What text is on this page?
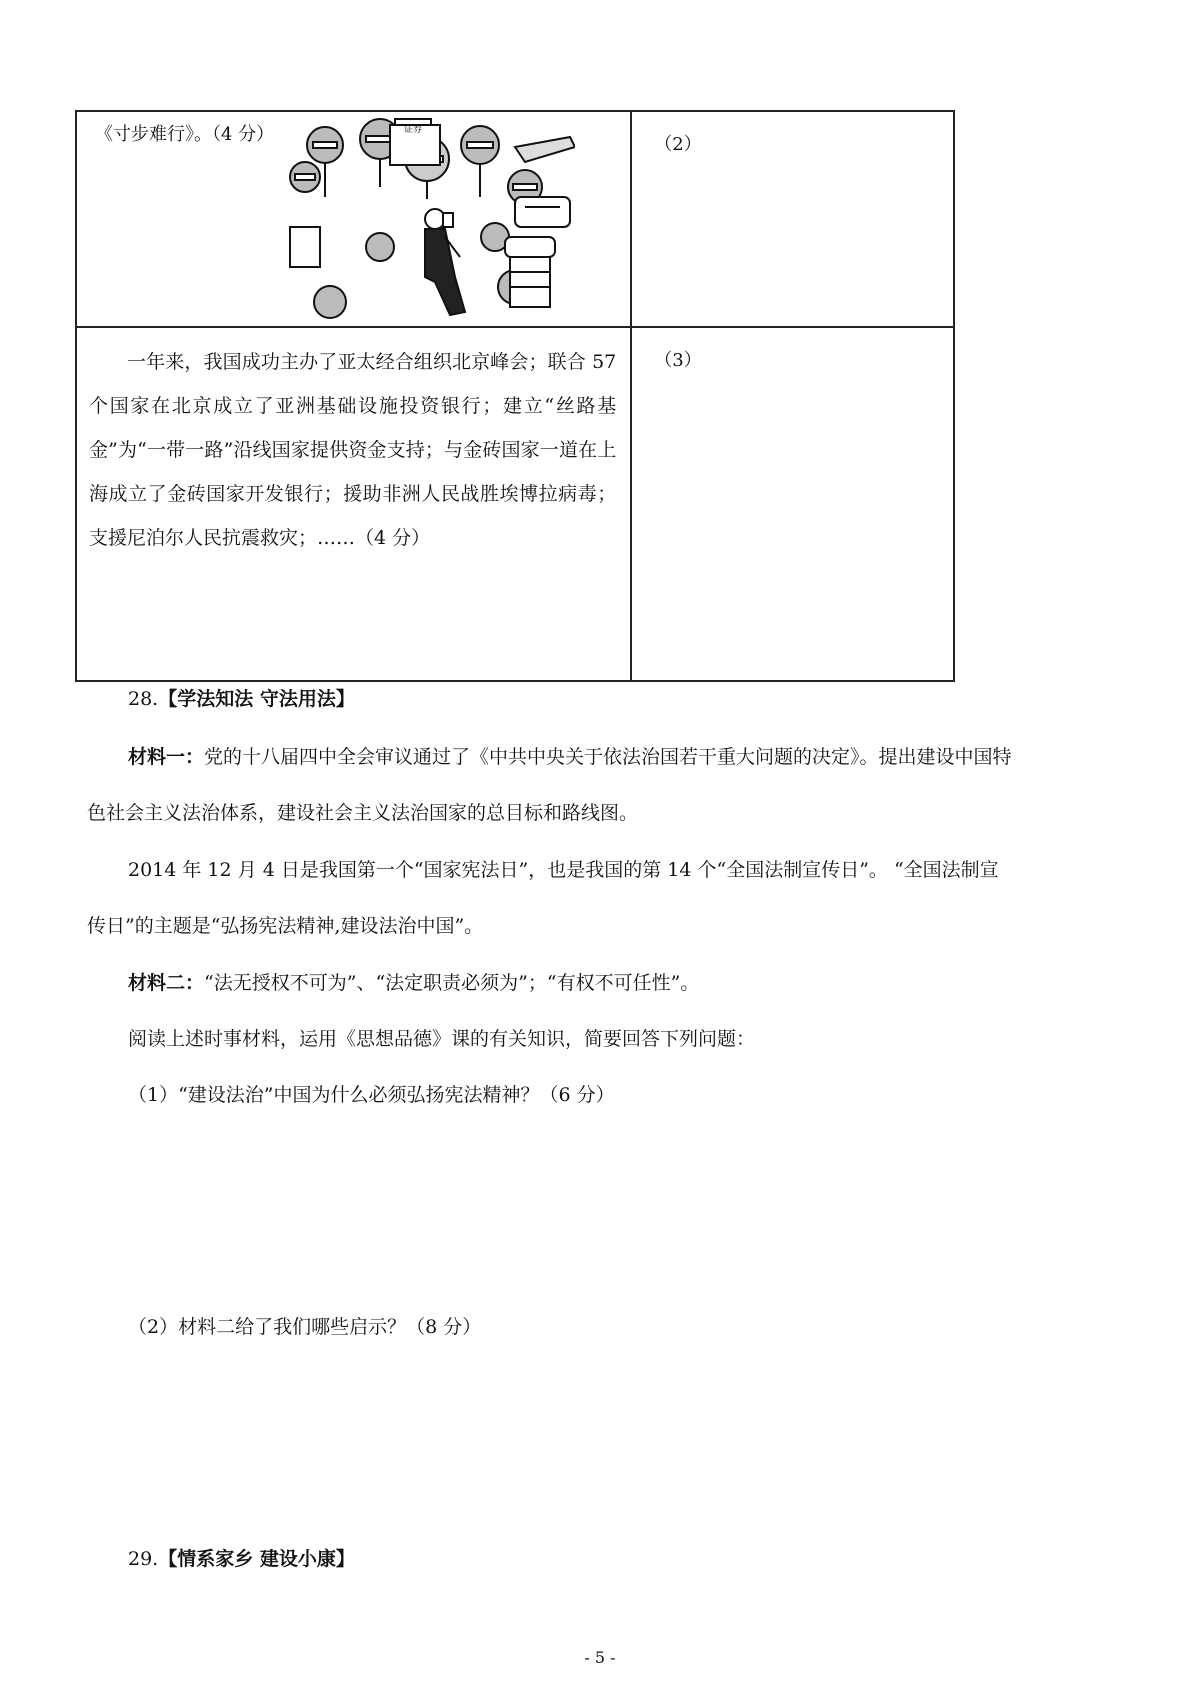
《寸步难行》。（4 分） 证券	（2）

一年来，我国成功主办了亚太经合组织北京峰会；联合 57 个国家在北京成立了亚洲基础设施投资银行；建立“丝路基金”为“一带一路”沿线国家提供资金支持；与金砖国家一道在上海成立了金砖国家开发银行；援助非洲人民战胜埃博拉病毒；支援尼泊尔人民抗震救灾；……（4 分）	（3）
28.【学法知法 守法用法】
材料一：党的十八届四中全会审议通过了《中共中央关于依法治国若干重大问题的决定》。提出建设中国特
色社会主义法治体系，建设社会主义法治国家的总目标和路线图。
2014 年 12 月 4 日是我国第一个“国家宪法日”，也是我国的第 14 个“全国法制宣传日”。 “全国法制宣
传日”的主题是“弘扬宪法精神,建设法治中国”。
材料二：“法无授权不可为”、“法定职责必须为”；“有权不可任性”。
阅读上述时事材料，运用《思想品德》课的有关知识，简要回答下列问题：
（1）“建设法治”中国为什么必须弘扬宪法精神？（6 分）
（2）材料二给了我们哪些启示？（8 分）
29.【情系家乡 建设小康】
- 5 -
